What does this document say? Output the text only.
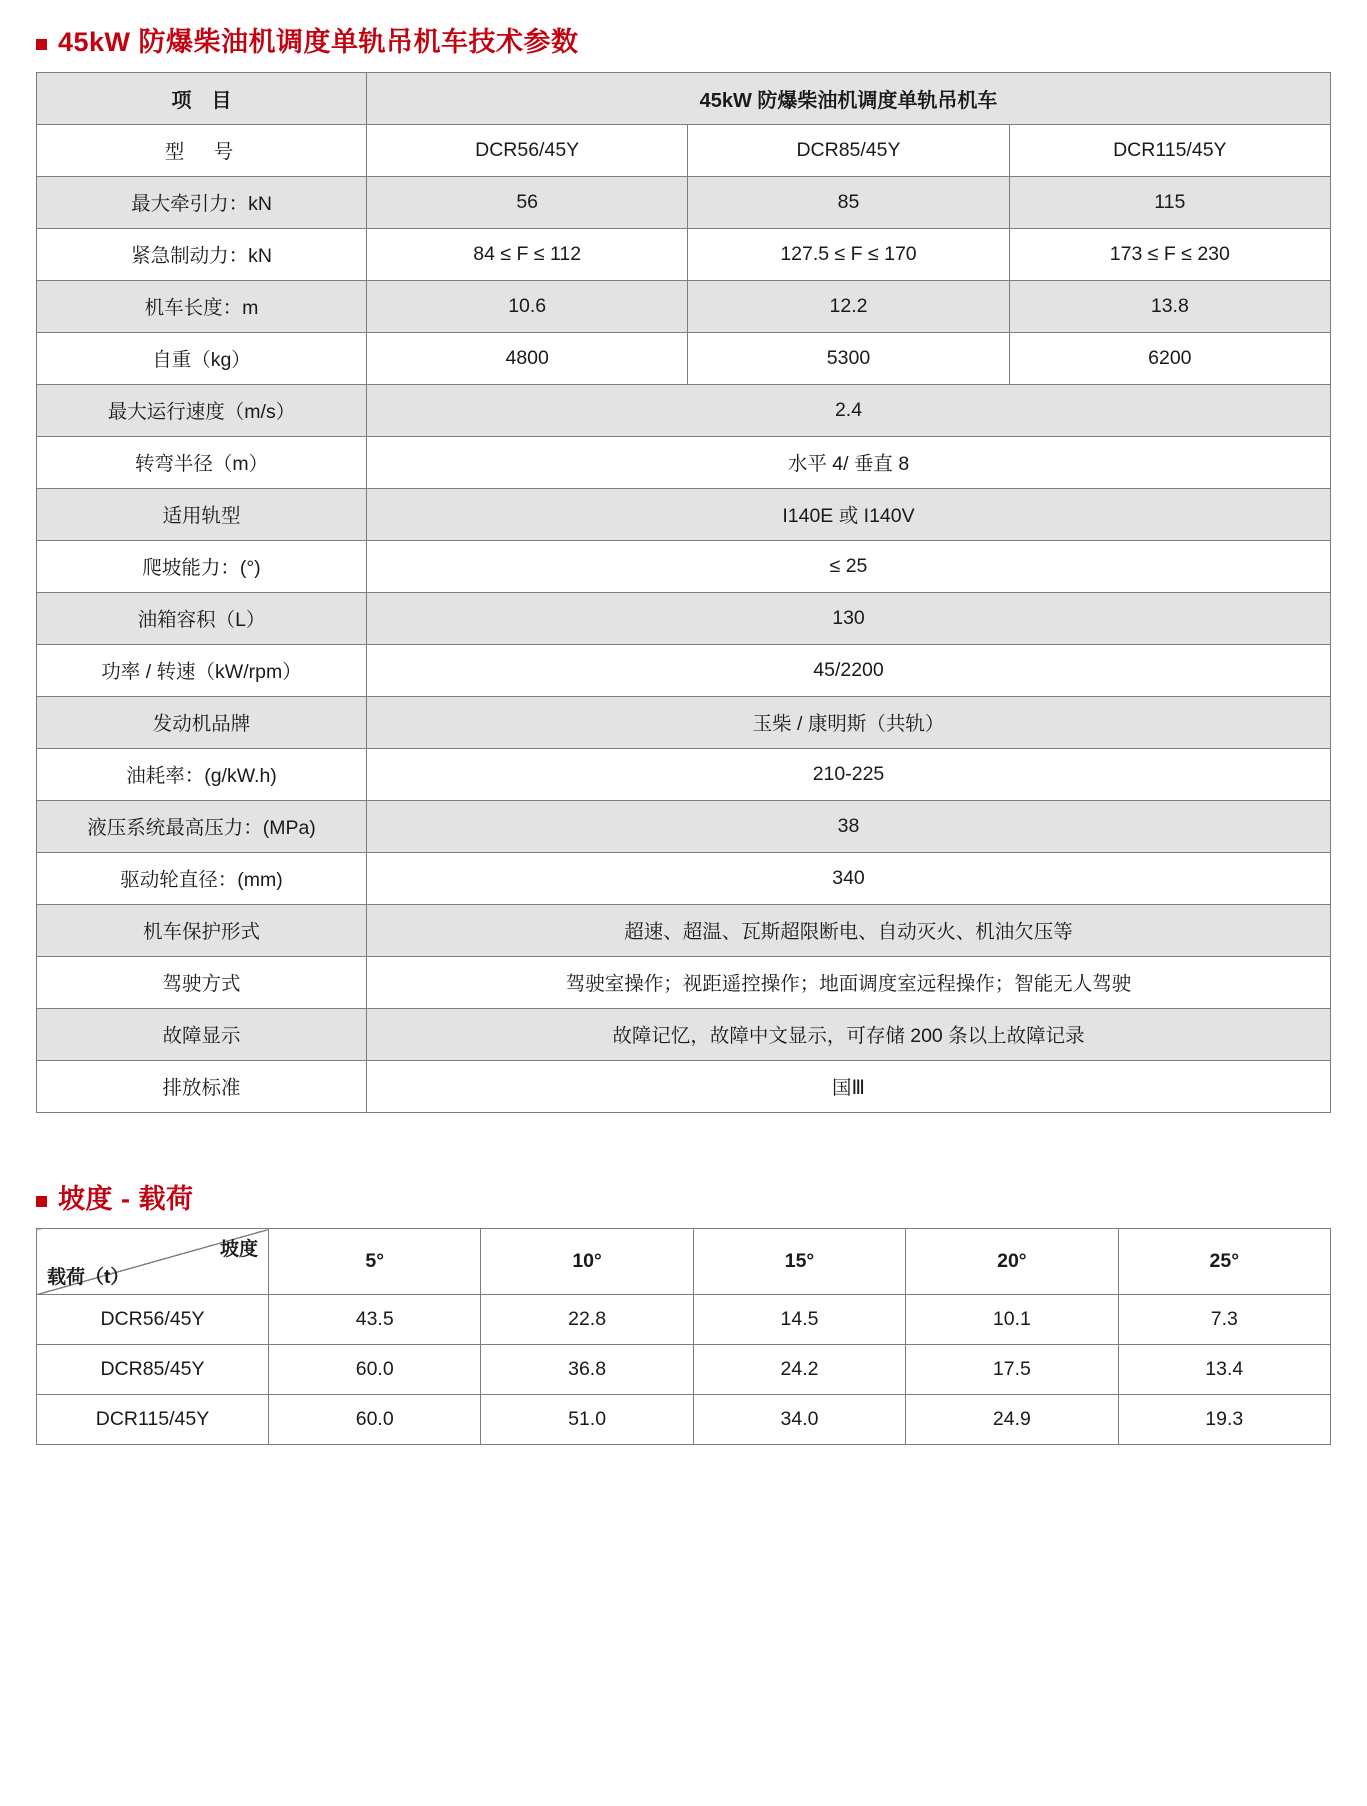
45kW 防爆柴油机调度单轨吊机车技术参数
项　目	45kW 防爆柴油机调度单轨吊机车		
型　号	DCR56/45Y	DCR85/45Y	DCR115/45Y
最大牵引力：kN	56	85	115
紧急制动力：kN	84 ≤ F ≤ 112	127.5 ≤ F ≤ 170	173 ≤ F ≤ 230
机车长度：m	10.6	12.2	13.8
自重（kg）	4800	5300	6200
最大运行速度（m/s）	2.4		
转弯半径（m）	水平 4/ 垂直 8		
适用轨型	I140E 或 I140V		
爬坡能力：(°)	≤ 25		
油箱容积（L）	130		
功率 / 转速（kW/rpm）	45/2200		
发动机品牌	玉柴 / 康明斯（共轨）		
油耗率：(g/kW.h)	210-225		
液压系统最高压力：(MPa)	38		
驱动轮直径：(mm)	340		
机车保护形式	超速、超温、瓦斯超限断电、自动灭火、机油欠压等		
驾驶方式	驾驶室操作；视距遥控操作；地面调度室远程操作；智能无人驾驶		
故障显示	故障记忆，故障中文显示，可存储 200 条以上故障记录		
排放标准	国Ⅲ		
坡度 - 载荷
坡度
载荷（t）	5°	10°	15°	20°	25°
DCR56/45Y	43.5	22.8	14.5	10.1	7.3
DCR85/45Y	60.0	36.8	24.2	17.5	13.4
DCR115/45Y	60.0	51.0	34.0	24.9	19.3
